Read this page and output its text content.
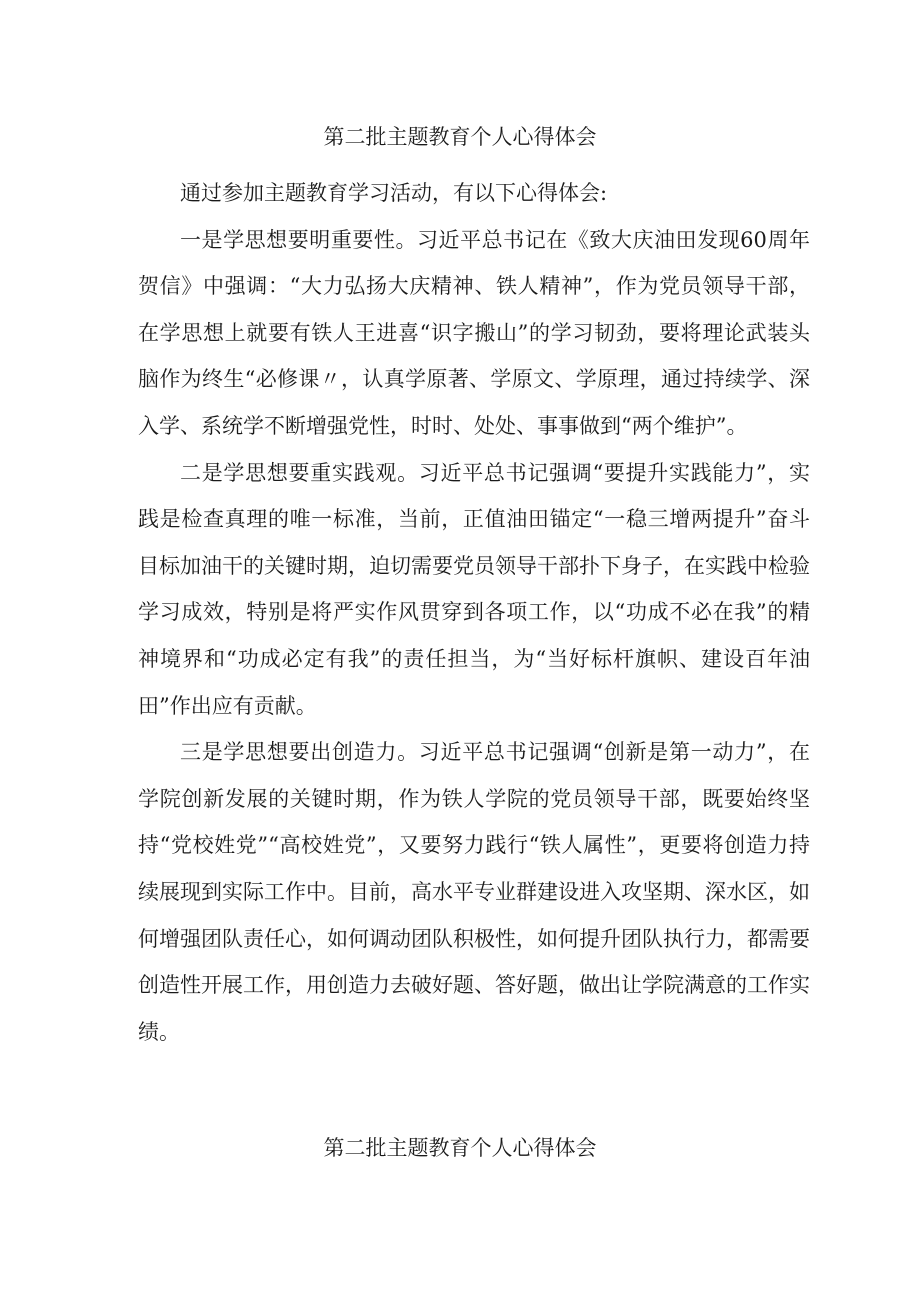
第二批主题教育个人心得体会

通过参加主题教育学习活动，有以下心得体会:

一是学思想要明重要性。习近平总书记在《致大庆油田发现60周年贺信》中强调：“大力弘扬大庆精神、铁人精神”，作为党员领导干部，在学思想上就要有铁人王进喜“识字搬山”的学习韧劲，要将理论武装头脑作为终生“必修课〃，认真学原著、学原文、学原理，通过持续学、深入学、系统学不断增强党性，时时、处处、事事做到“两个维护”。

二是学思想要重实践观。习近平总书记强调“要提升实践能力”，实践是检查真理的唯一标准，当前，正值油田锚定“一稳三增两提升”奋斗目标加油干的关键时期，迫切需要党员领导干部扑下身子，在实践中检验学习成效，特别是将严实作风贯穿到各项工作，以“功成不必在我”的精神境界和“功成必定有我”的责任担当，为“当好标杆旗帜、建设百年油田”作出应有贡献。

三是学思想要出创造力。习近平总书记强调“创新是第一动力”，在学院创新发展的关键时期，作为铁人学院的党员领导干部，既要始终坚持“党校姓党”“高校姓党”，又要努力践行“铁人属性”，更要将创造力持续展现到实际工作中。目前，高水平专业群建设进入攻坚期、深水区，如何增强团队责任心，如何调动团队积极性，如何提升团队执行力，都需要创造性开展工作，用创造力去破好题、答好题，做出让学院满意的工作实绩。

第二批主题教育个人心得体会
